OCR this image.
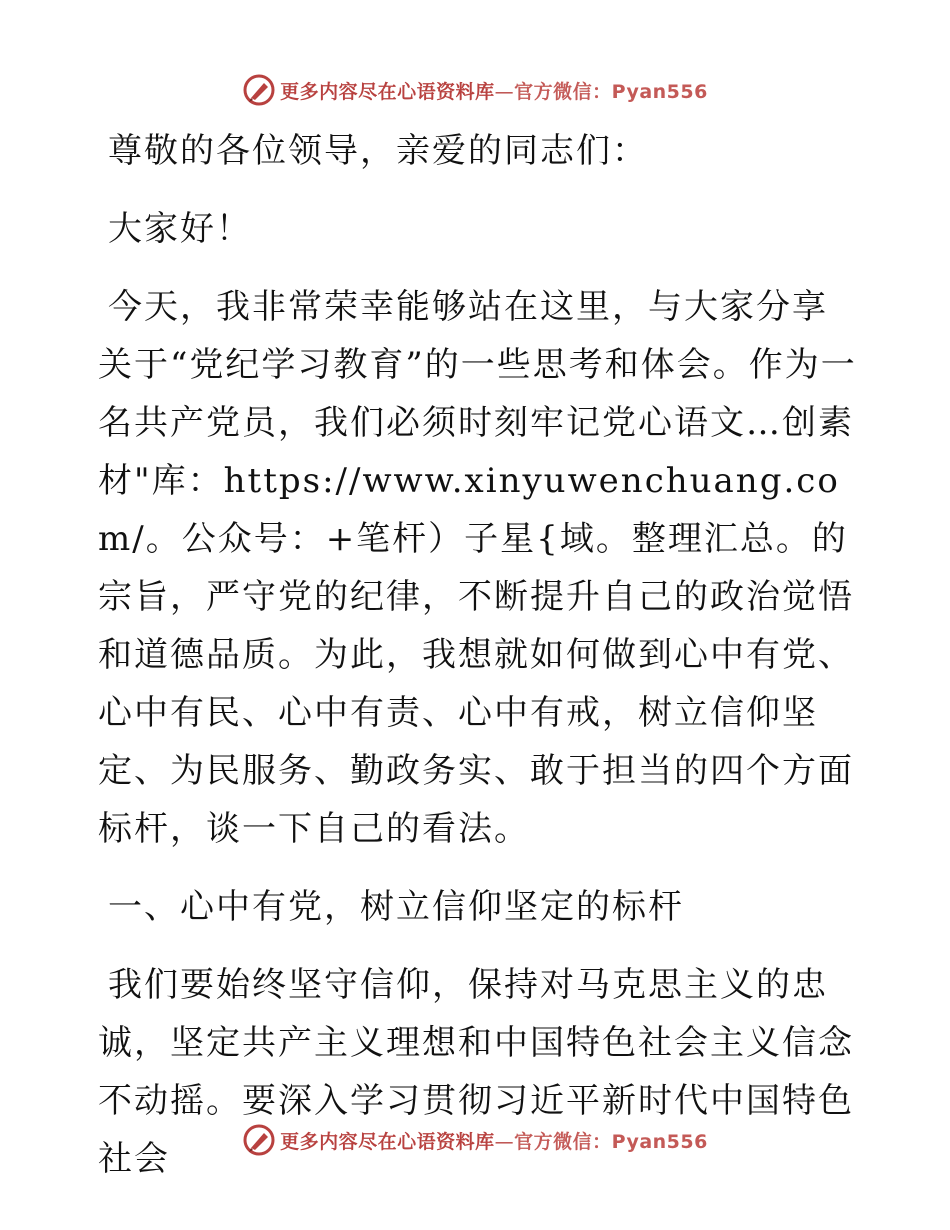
更多内容尽在心语资料库—官方微信：Pyan556

尊敬的各位领导，亲爱的同志们：

大家好！

今天，我非常荣幸能够站在这里，与大家分享关于“党纪学习教育”的一些思考和体会。作为一名共产党员，我们必须时刻牢记党心语文…创素材"库：https://www.xinyuwenchuang.com/。公众号：+笔杆）子星{域。整理汇总。的宗旨，严守党的纪律，不断提升自己的政治觉悟和道德品质。为此，我想就如何做到心中有党、心中有民、心中有责、心中有戒，树立信仰坚定、为民服务、勤政务实、敢于担当的四个方面标杆，谈一下自己的看法。

一、心中有党，树立信仰坚定的标杆

我们要始终坚守信仰，保持对马克思主义的忠诚，坚定共产主义理想和中国特色社会主义信念不动摇。要深入学习贯彻习近平新时代中国特色社会	更多内容尽在心语资料库—官方微信：Pyan556
